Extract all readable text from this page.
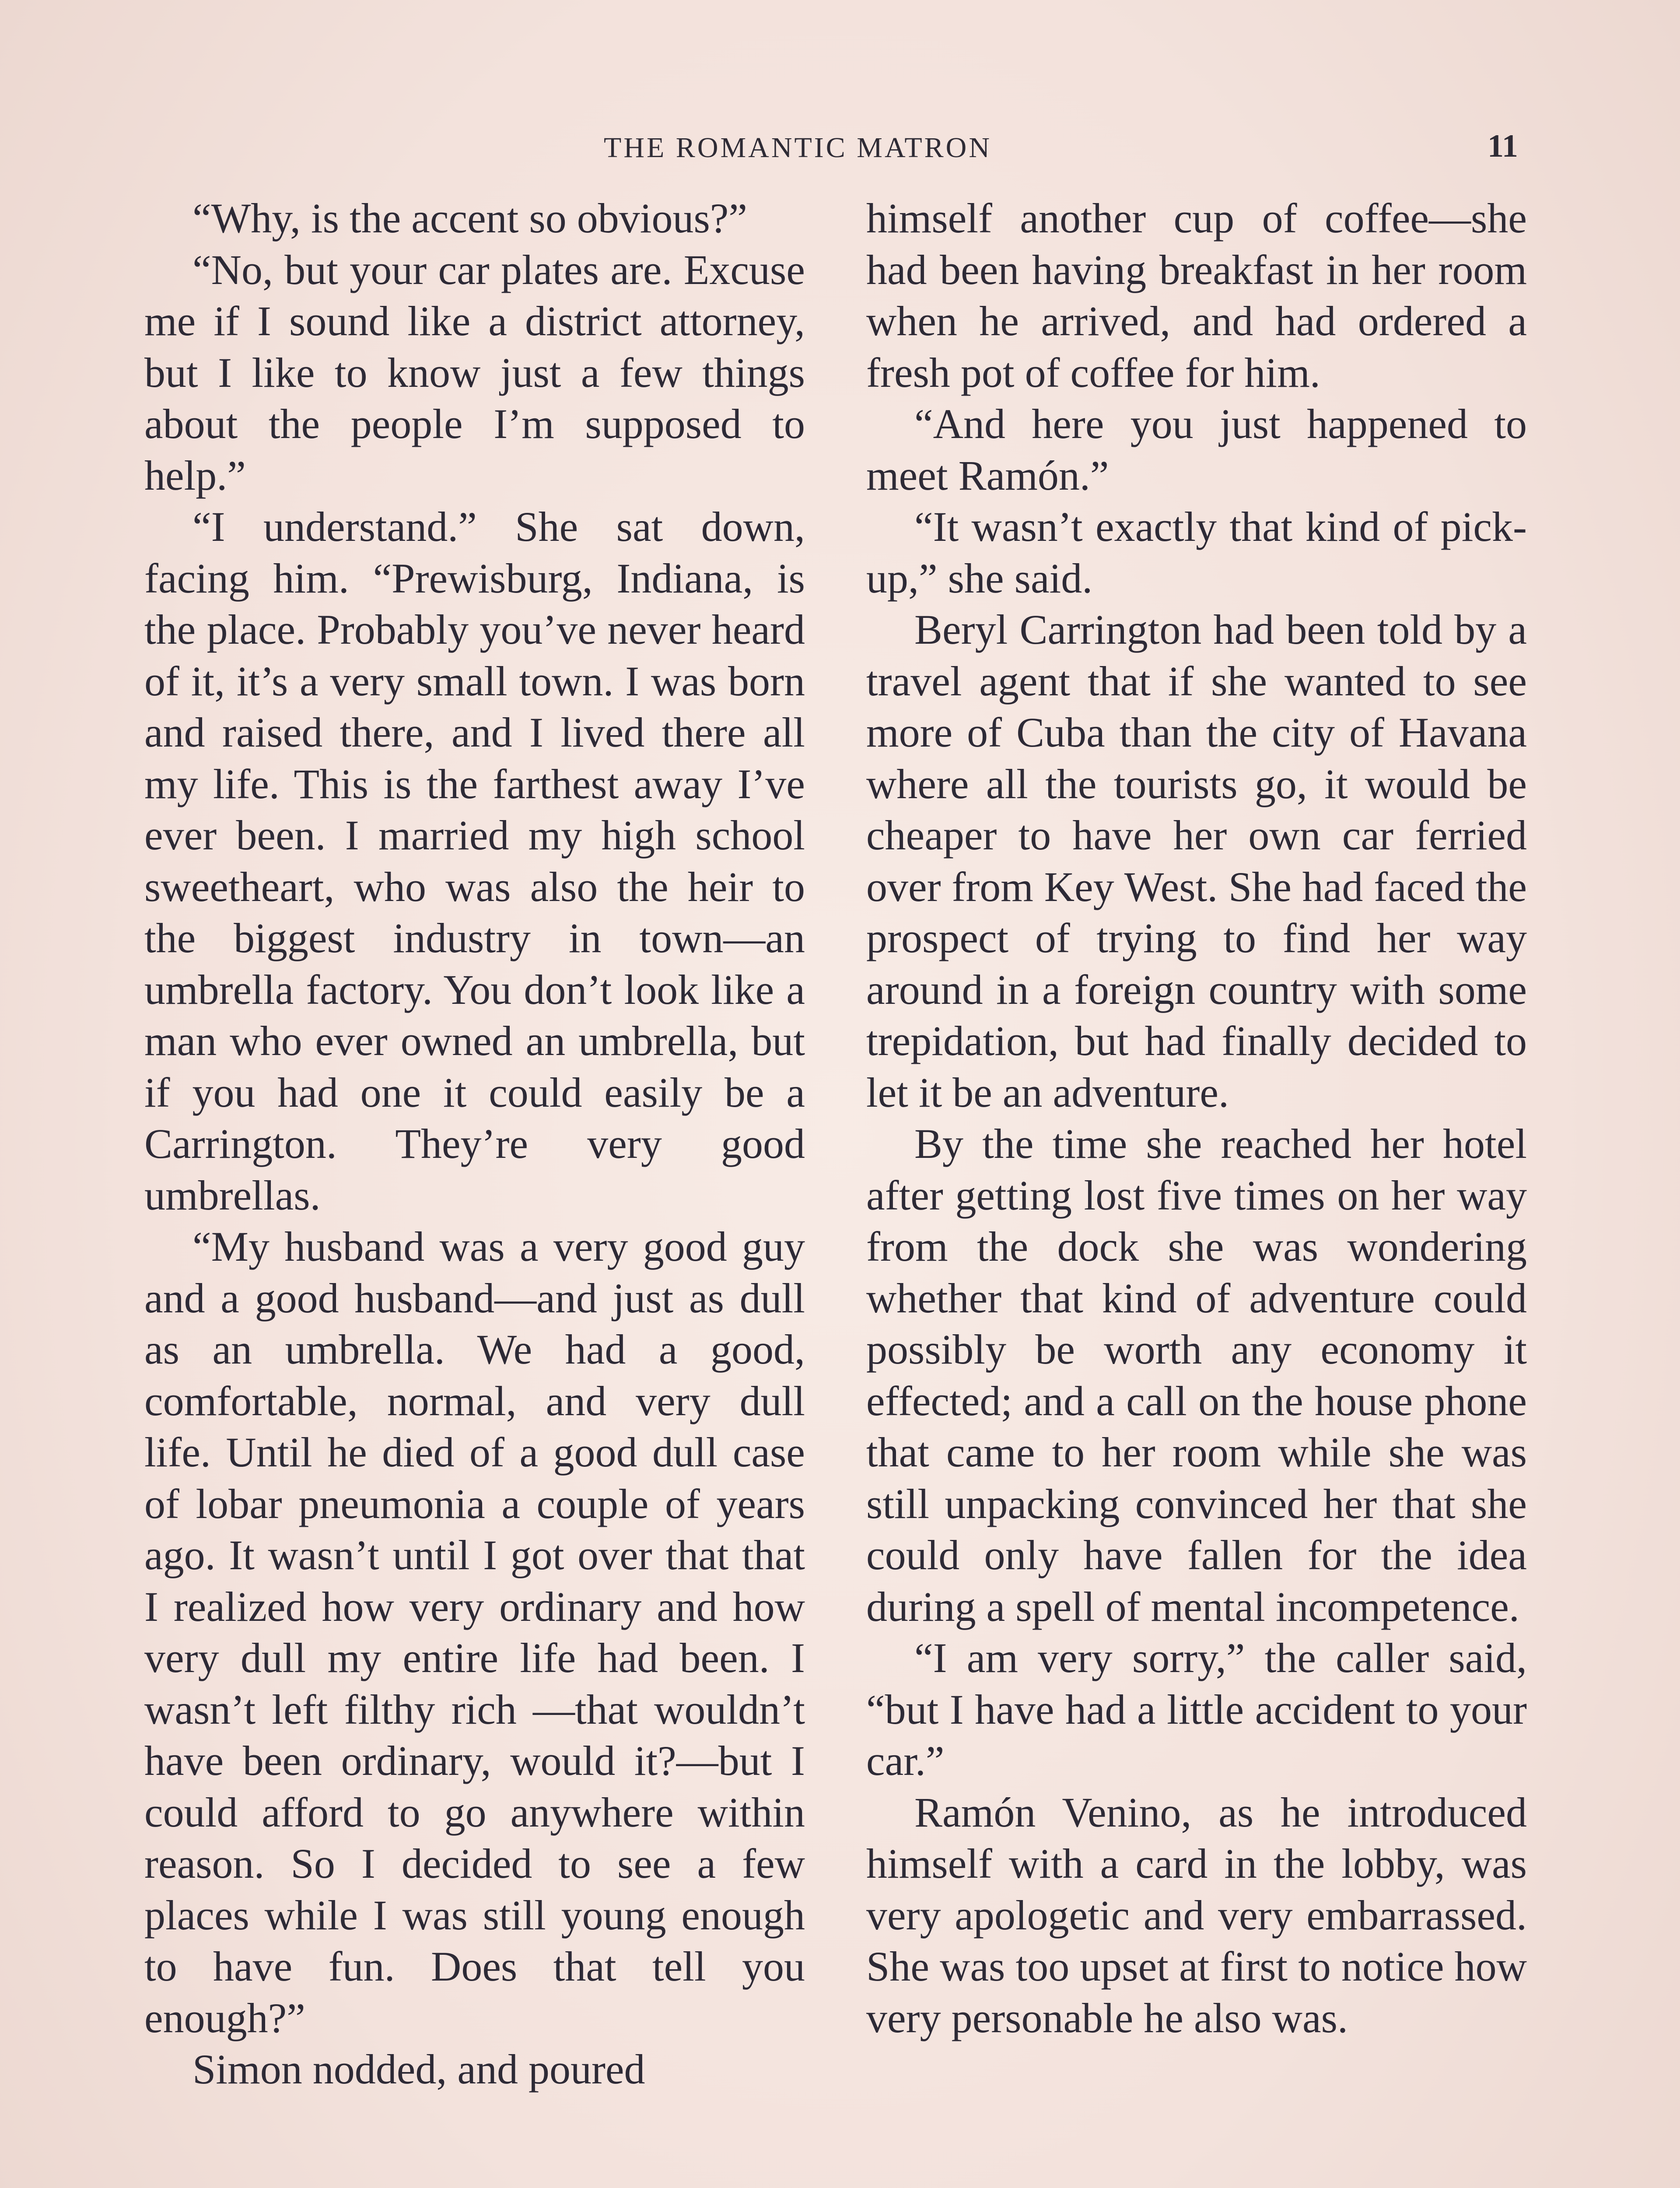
THE ROMANTIC MATRON	11

“Why, is the accent so obvious?”

“No, but your car plates are. Excuse me if I sound like a district attorney, but I like to know just a few things about the people I’m supposed to help.”

“I understand.” She sat down, facing him. “Prewisburg, Indiana, is the place. Probably you’ve never heard of it, it’s a very small town. I was born and raised there, and I lived there all my life. This is the farthest away I’ve ever been. I married my high school sweetheart, who was also the heir to the biggest industry in town—an umbrella factory. You don’t look like a man who ever owned an umbrella, but if you had one it could easily be a Carrington. They’re very good umbrellas.

“My husband was a very good guy and a good husband—and just as dull as an umbrella. We had a good, comfortable, normal, and very dull life. Until he died of a good dull case of lobar pneumonia a couple of years ago. It wasn’t until I got over that that I realized how very ordinary and how very dull my entire life had been. I wasn’t left filthy rich —that wouldn’t have been ordinary, would it?—but I could afford to go anywhere within reason. So I decided to see a few places while I was still young enough to have fun. Does that tell you enough?”

Simon nodded, and poured

himself another cup of coffee—she had been having breakfast in her room when he arrived, and had ordered a fresh pot of coffee for him.

“And here you just happened to meet Ramón.”

“It wasn’t exactly that kind of pick-up,” she said.

Beryl Carrington had been told by a travel agent that if she wanted to see more of Cuba than the city of Havana where all the tourists go, it would be cheaper to have her own car ferried over from Key West. She had faced the prospect of trying to find her way around in a foreign country with some trepidation, but had finally decided to let it be an adventure.

By the time she reached her hotel after getting lost five times on her way from the dock she was wondering whether that kind of adventure could possibly be worth any economy it effected; and a call on the house phone that came to her room while she was still unpacking convinced her that she could only have fallen for the idea during a spell of mental incompetence.

“I am very sorry,” the caller said, “but I have had a little accident to your car.”

Ramón Venino, as he introduced himself with a card in the lobby, was very apologetic and very embarrassed. She was too upset at first to notice how very personable he also was.
